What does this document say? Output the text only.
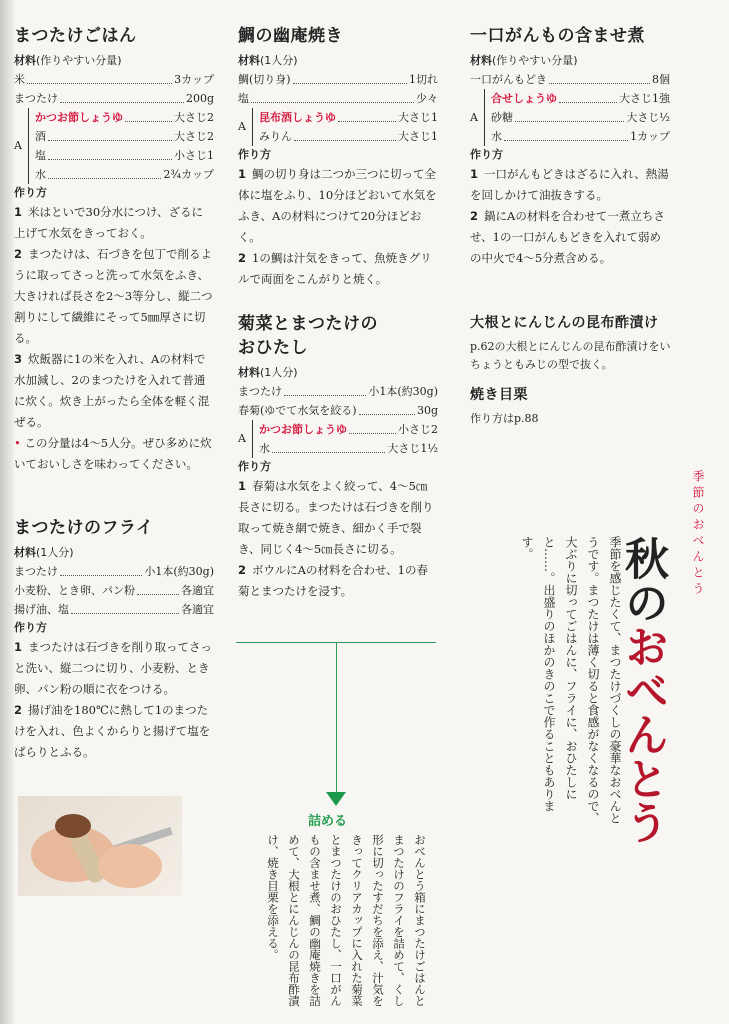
まつたけごはん
材料(作りやすい分量)
米	3カップ
まつたけ	200g
A
かつお節しょうゆ	大さじ2
酒	大さじ2
塩	小さじ1
水	2¾カップ
作り方
1 米はといで30分水につけ、ざるに上げて水気をきっておく。
2 まつたけは、石づきを包丁で削るように取ってさっと洗って水気をふき、大きければ長さを2〜3等分し、縦二つ割りにして繊維にそって5㎜厚さに切る。
3 炊飯器に1の米を入れ、Aの材料で水加減し、2のまつたけを入れて普通に炊く。炊き上がったら全体を軽く混ぜる。
• この分量は4〜5人分。ぜひ多めに炊いておいしさを味わってください。
まつたけのフライ
材料(1人分)
まつたけ	小1本(約30g)
小麦粉、とき卵、パン粉	各適宜
揚げ油、塩	各適宜
作り方
1 まつたけは石づきを削り取ってさっと洗い、縦二つに切り、小麦粉、とき卵、パン粉の順に衣をつける。
2 揚げ油を180℃に熱して1のまつたけを入れ、色よくからりと揚げて塩をぱらりとふる。
鯛の幽庵焼き
材料(1人分)
鯛(切り身)	1切れ
塩	少々
A
昆布酒しょうゆ	大さじ1
みりん	大さじ1
作り方
1 鯛の切り身は二つか三つに切って全体に塩をふり、10分ほどおいて水気をふき、Aの材料につけて20分ほどおく。
2 1の鯛は汁気をきって、魚焼きグリルで両面をこんがりと焼く。
菊菜とまつたけの
おひたし
材料(1人分)
まつたけ	小1本(約30g)
春菊(ゆでて水気を絞る)	30g
A
かつお節しょうゆ	小さじ2
水	大さじ1½
作り方
1 春菊は水気をよく絞って、4〜5㎝長さに切る。まつたけは石づきを削り取って焼き網で焼き、細かく手で裂き、同じく4〜5㎝長さに切る。
2 ボウルにAの材料を合わせ、1の春菊とまつたけを浸す。
詰める
おべんとう箱にまつたけごはんとまつたけのフライを詰めて、くし形に切ったすだちを添え、汁気をきってクリアカップに入れた菊菜とまつたけのおひたし、一口がんもの含ませ煮、鯛の幽庵焼きを詰めて、大根とにんじんの昆布酢漬け、焼き目栗を添える。
一口がんもの含ませ煮
材料(作りやすい分量)
一口がんもどき	8個
A
合せしょうゆ	大さじ1強
砂糖	大さじ½
水	1カップ
作り方
1 一口がんもどきはざるに入れ、熱湯を回しかけて油抜きする。
2 鍋にAの材料を合わせて一煮立ちさせ、1の一口がんもどきを入れて弱めの中火で4〜5分煮含める。
大根とにんじんの昆布酢漬け
p.62の大根とにんじんの昆布酢漬けをいちょうともみじの型で抜く。
焼き目栗
作り方はp.88
季節のおべんとう
秋のおべんとう
季節を感じたくて、まつたけづくしの豪華なおべんとうです。まつたけは薄く切ると食感がなくなるので、大ぶりに切ってごはんに、フライに、おひたしにと……。出盛りのほかのきのこで作ることもあります。
